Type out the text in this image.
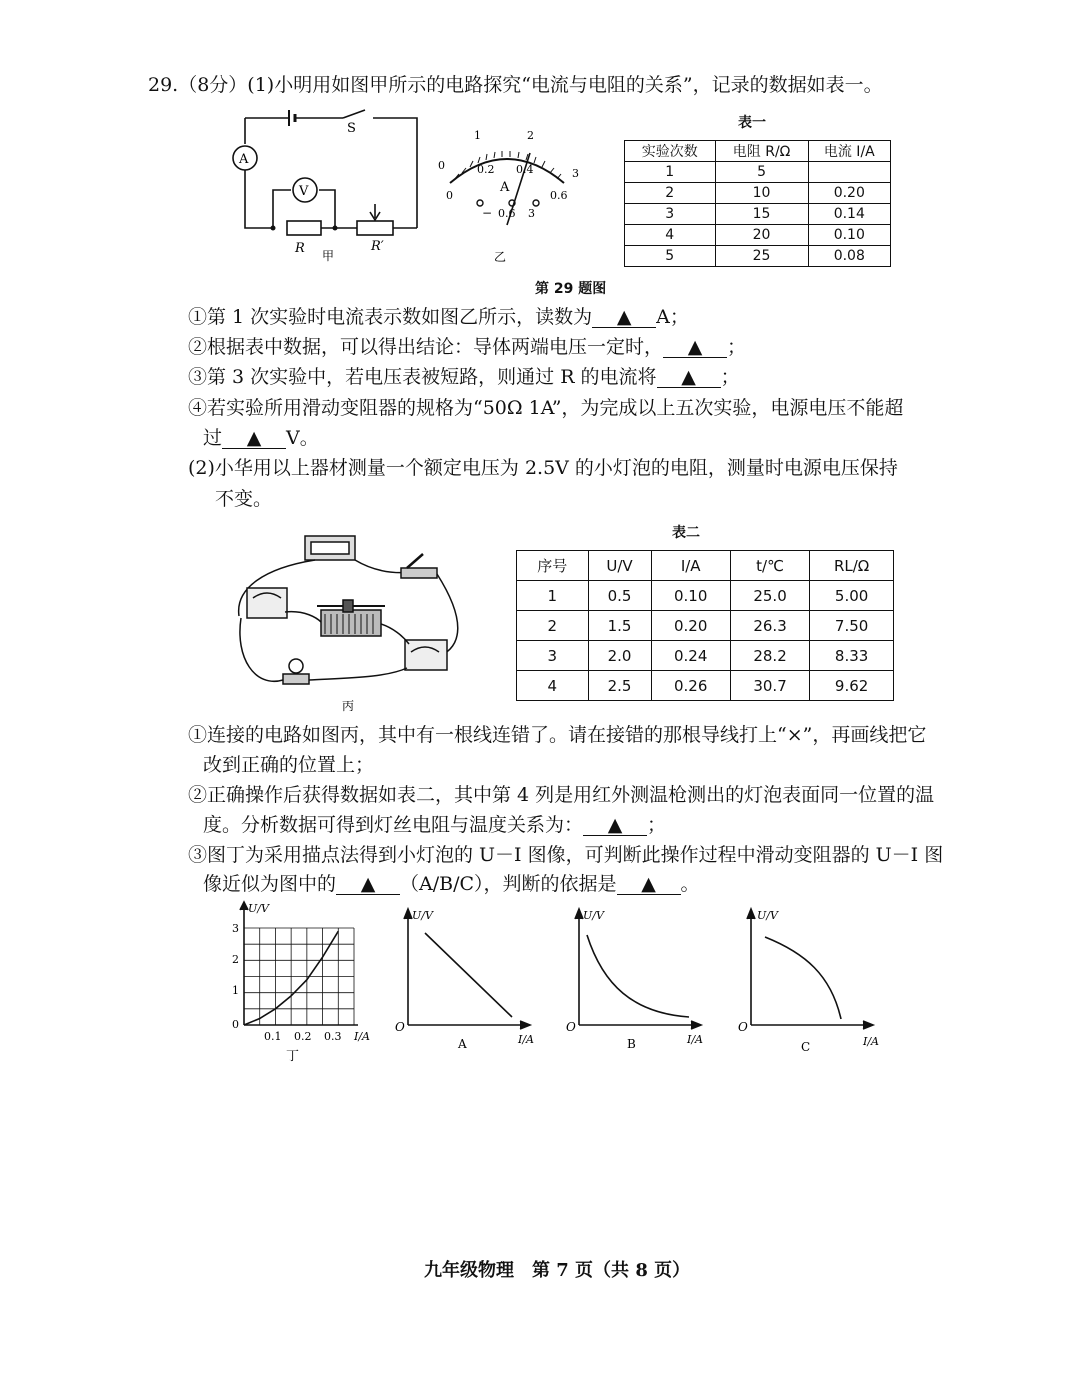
29.（8分）(1)小明用如图甲所示的电路探究“电流与电阻的关系”，记录的数据如表一。
S
A
V
R	R′
甲
0
1	2
3
0
0.2 0.4
0.6
A
− 0.6 3
乙
表一
实验次数	电阻 R/Ω	电流 I/A
1	5	
2	10	0.20
3	15	0.14
4	20	0.10
5	25	0.08
第 29 题图
①第 1 次实验时电流表示数如图乙所示，读数为 ▲ A；
②根据表中数据，可以得出结论：导体两端电压一定时， ▲ ；
③第 3 次实验中，若电压表被短路，则通过 R 的电流将 ▲ ；
④若实验所用滑动变阻器的规格为“50Ω 1A”，为完成以上五次实验，电源电压不能超
过 ▲ V。
(2)小华用以上器材测量一个额定电压为 2.5V 的小灯泡的电阻，测量时电源电压保持
不变。
丙
表二
序号	U/V	I/A	t/℃	RL/Ω
1	0.5	0.10	25.0	5.00
2	1.5	0.20	26.3	7.50
3	2.0	0.24	28.2	8.33
4	2.5	0.26	30.7	9.62
①连接的电路如图丙，其中有一根线连错了。请在接错的那根导线打上“×”，再画线把它
改到正确的位置上；
②正确操作后获得数据如表二，其中第 4 列是用红外测温枪测出的灯泡表面同一位置的温
度。分析数据可得到灯丝电阻与温度关系为： ▲ ；
③图丁为采用描点法得到小灯泡的 U－I 图像，可判断此操作过程中滑动变阻器的 U－I 图
像近似为图中的 ▲ （A/B/C），判断的依据是 ▲ 。
U/V
3
2
1
0
0.1 0.2 0.3 I/A
丁
U/V
O
I/A
A
U/V
O
I/A
B
U/V
O
I/A
C
九年级物理　第 7 页（共 8 页）
